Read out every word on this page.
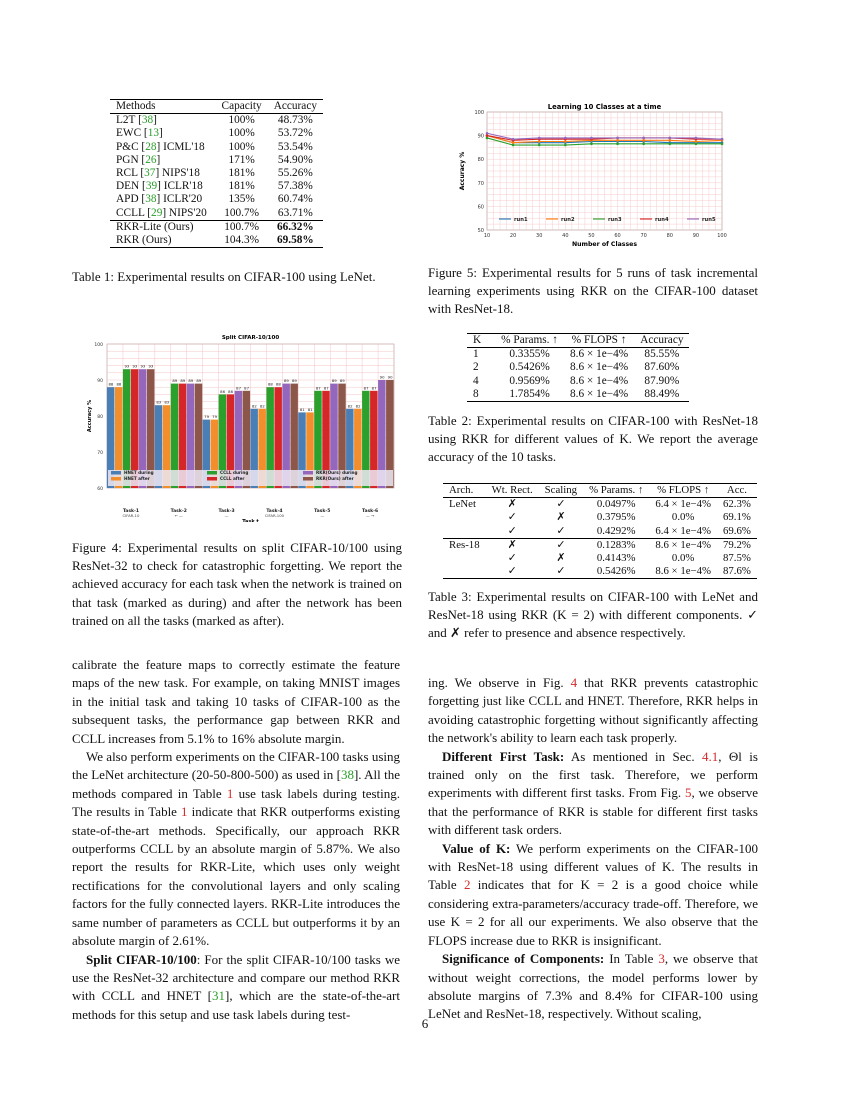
Methods	Capacity	Accuracy
L2T [38]	100%	48.73%
EWC [13]	100%	53.72%
P&C [28] ICML'18	100%	53.54%
PGN [26]	171%	54.90%
RCL [37] NIPS'18	181%	55.26%
DEN [39] ICLR'18	181%	57.38%
APD [38] ICLR'20	135%	60.74%
CCLL [29] NIPS'20	100.7%	63.71%
RKR-Lite (Ours)	100.7%	66.32%
RKR (Ours)	104.3%	69.58%
Table 1: Experimental results on CIFAR-100 using LeNet.
60
70
80
90
100
88 88
93 93 93 93
Task-1
CIFAR-10
83 83
89 89 89 89
Task-2
← —
79 79
86 86
87 87
Task-3
—
82 82
88 88
89 89
Task-4
CIFAR-100
81 81
87 87
89 89
Task-5
—
82 82
87 87
90 90
Task-6
— →
HNET during
HNET after
CCLL during
CCLL after
RKR(Ours) during
RKR(Ours) after
Split CIFAR-10/100
Task t
Accuracy %
Figure 4: Experimental results on split CIFAR-10/100 using ResNet-32 to check for catastrophic forgetting. We report the achieved accuracy for each task when the network is trained on that task (marked as during) and after the network has been trained on all the tasks (marked as after).
50
60
70
80
90
100
10	20	30	40	50	60	70	80	90	100
run1	run2	run3	run4	run5
Learning 10 Classes at a time
Number of Classes
Accuracy %
Figure 5: Experimental results for 5 runs of task incremental learning experiments using RKR on the CIFAR-100 dataset with ResNet-18.
K	% Params. ↑	% FLOPS ↑	Accuracy
1	0.3355%	8.6 × 1e−4%	85.55%
2	0.5426%	8.6 × 1e−4%	87.60%
4	0.9569%	8.6 × 1e−4%	87.90%
8	1.7854%	8.6 × 1e−4%	88.49%
Table 2: Experimental results on CIFAR-100 with ResNet-18 using RKR for different values of K. We report the average accuracy of the 10 tasks.
Arch.	Wt. Rect.	Scaling	% Params. ↑	% FLOPS ↑	Acc.
LeNet	✗	✓	0.0497%	6.4 × 1e−4%	62.3%
	✓	✗	0.3795%	0.0%	69.1%
	✓	✓	0.4292%	6.4 × 1e−4%	69.6%
Res-18	✗	✓	0.1283%	8.6 × 1e−4%	79.2%
	✓	✗	0.4143%	0.0%	87.5%
	✓	✓	0.5426%	8.6 × 1e−4%	87.6%
Table 3: Experimental results on CIFAR-100 with LeNet and ResNet-18 using RKR (K = 2) with different components. ✓ and ✗ refer to presence and absence respectively.

calibrate the feature maps to correctly estimate the feature maps of the new task. For example, on taking MNIST images in the initial task and taking 10 tasks of CIFAR-100 as the subsequent tasks, the performance gap between RKR and CCLL increases from 5.1% to 16% absolute margin.

We also perform experiments on the CIFAR-100 tasks using the LeNet architecture (20-50-800-500) as used in [38]. All the methods compared in Table 1 use task labels during testing. The results in Table 1 indicate that RKR outperforms existing state-of-the-art methods. Specifically, our approach RKR outperforms CCLL by an absolute margin of 5.87%. We also report the results for RKR-Lite, which uses only weight rectifications for the convolutional layers and only scaling factors for the fully connected layers. RKR-Lite introduces the same number of parameters as CCLL but outperforms it by an absolute margin of 2.61%.

Split CIFAR-10/100: For the split CIFAR-10/100 tasks we use the ResNet-32 architecture and compare our method RKR with CCLL and HNET [31], which are the state-of-the-art methods for this setup and use task labels during test-

ing. We observe in Fig. 4 that RKR prevents catastrophic forgetting just like CCLL and HNET. Therefore, RKR helps in avoiding catastrophic forgetting without significantly affecting the network's ability to learn each task properly.

Different First Task: As mentioned in Sec. 4.1, Θl is trained only on the first task. Therefore, we perform experiments with different first tasks. From Fig. 5, we observe that the performance of RKR is stable for different first tasks with different task orders.

Value of K: We perform experiments on the CIFAR-100 with ResNet-18 using different values of K. The results in Table 2 indicates that for K = 2 is a good choice while considering extra-parameters/accuracy trade-off. Therefore, we use K = 2 for all our experiments. We also observe that the FLOPS increase due to RKR is insignificant.

Significance of Components: In Table 3, we observe that without weight corrections, the model performs lower by absolute margins of 7.3% and 8.4% for CIFAR-100 using LeNet and ResNet-18, respectively. Without scaling,

6
